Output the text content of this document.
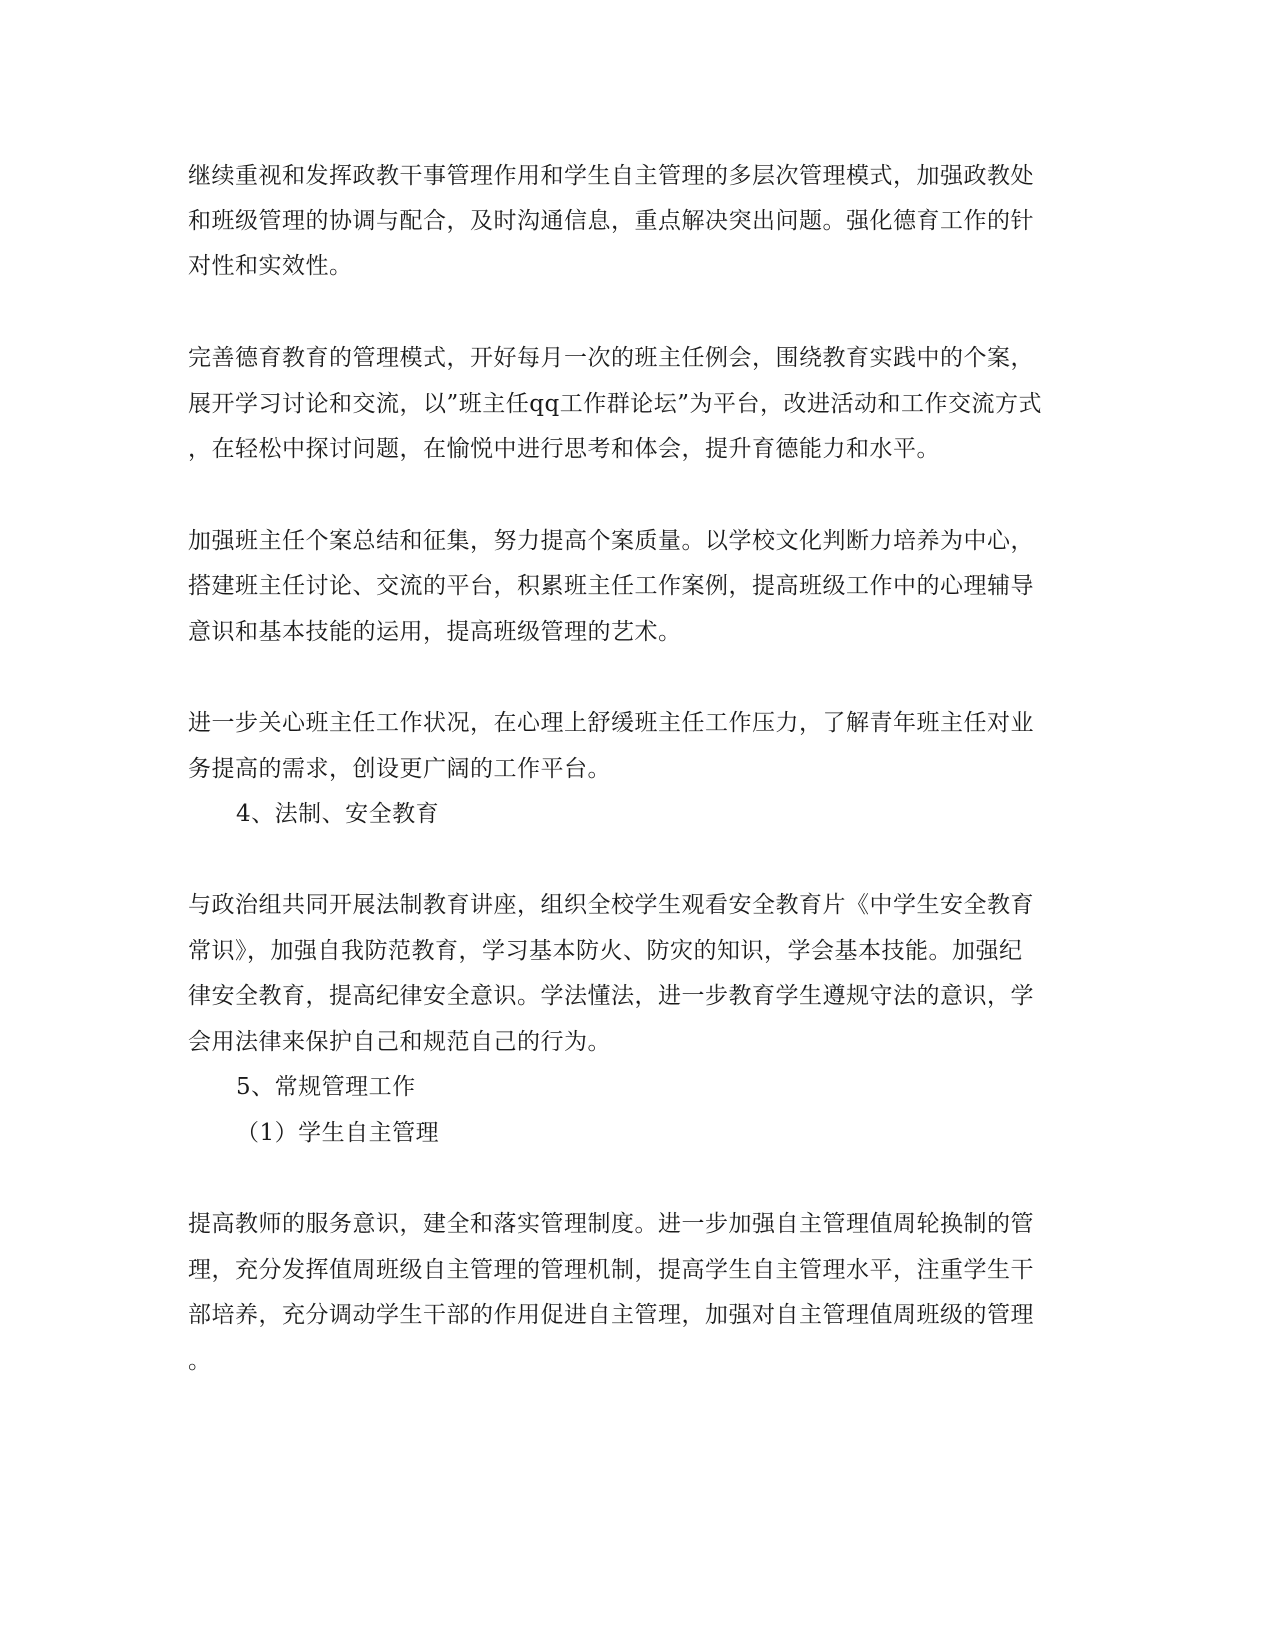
继续重视和发挥政教干事管理作用和学生自主管理的多层次管理模式，加强政教处
和班级管理的协调与配合，及时沟通信息，重点解决突出问题。强化德育工作的针
对性和实效性。
完善德育教育的管理模式，开好每月一次的班主任例会，围绕教育实践中的个案，
展开学习讨论和交流，以”班主任qq工作群论坛”为平台，改进活动和工作交流方式
，在轻松中探讨问题，在愉悦中进行思考和体会，提升育德能力和水平。
加强班主任个案总结和征集，努力提高个案质量。以学校文化判断力培养为中心，
搭建班主任讨论、交流的平台，积累班主任工作案例，提高班级工作中的心理辅导
意识和基本技能的运用，提高班级管理的艺术。
进一步关心班主任工作状况，在心理上舒缓班主任工作压力，了解青年班主任对业
务提高的需求，创设更广阔的工作平台。
4、法制、安全教育
与政治组共同开展法制教育讲座，组织全校学生观看安全教育片《中学生安全教育
常识》，加强自我防范教育，学习基本防火、防灾的知识，学会基本技能。加强纪
律安全教育，提高纪律安全意识。学法懂法，进一步教育学生遵规守法的意识，学
会用法律来保护自己和规范自己的行为。
5、常规管理工作
（1）学生自主管理
提高教师的服务意识，建全和落实管理制度。进一步加强自主管理值周轮换制的管
理，充分发挥值周班级自主管理的管理机制，提高学生自主管理水平，注重学生干
部培养，充分调动学生干部的作用促进自主管理，加强对自主管理值周班级的管理
。
